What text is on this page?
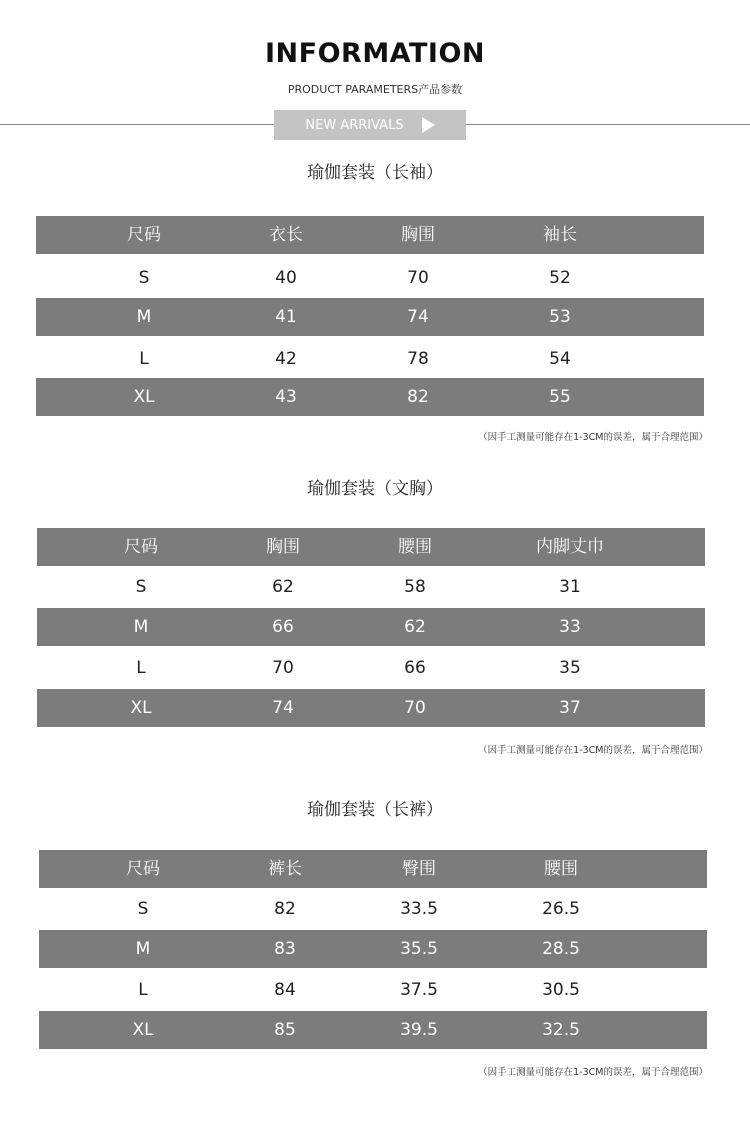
INFORMATION
PRODUCT PARAMETERS产品参数
NEW ARRIVALS
瑜伽套装（长袖）
尺码	衣长	胸围	袖长
S	40	70	52
M	41	74	53
L	42	78	54
XL	43	82	55
（因手工测量可能存在1-3CM的误差，属于合理范围）
瑜伽套装（文胸）
尺码	胸围	腰围	内脚丈巾
S	62	58	31
M	66	62	33
L	70	66	35
XL	74	70	37
（因手工测量可能存在1-3CM的误差，属于合理范围）
瑜伽套装（长裤）
尺码	裤长	臀围	腰围
S	82	33.5	26.5
M	83	35.5	28.5
L	84	37.5	30.5
XL	85	39.5	32.5
（因手工测量可能存在1-3CM的误差，属于合理范围）
